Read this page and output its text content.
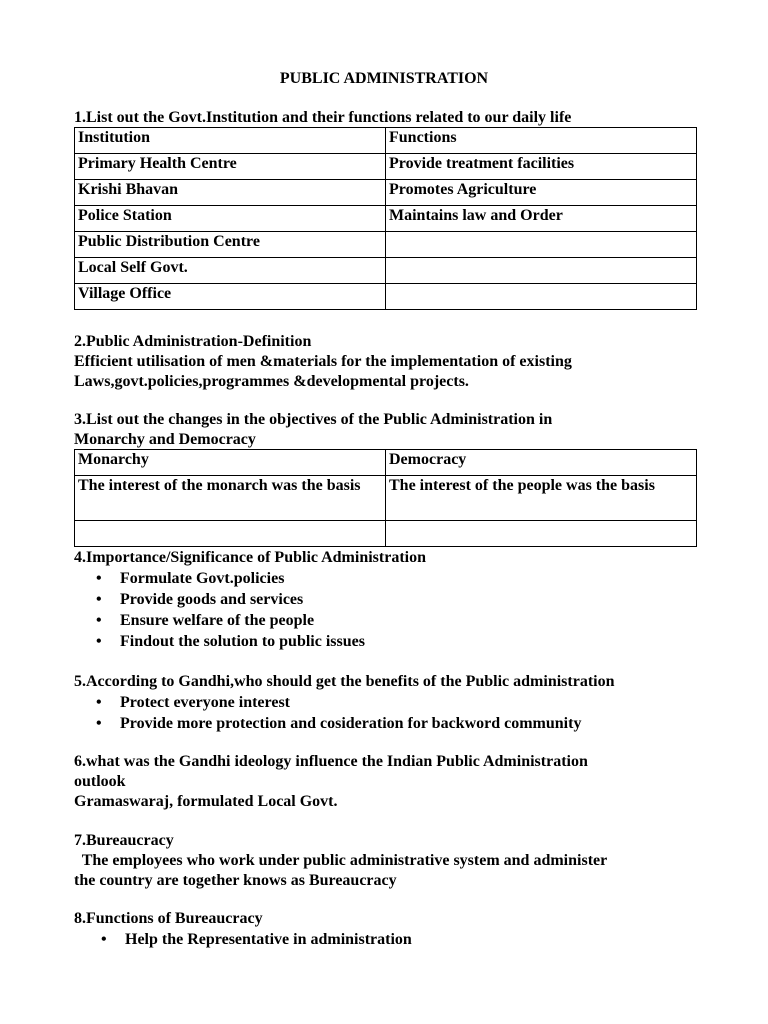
PUBLIC ADMINISTRATION
1.List out the Govt.Institution and their functions related to our daily life
Institution	Functions
Primary Health Centre	Provide treatment facilities
Krishi Bhavan	Promotes Agriculture
Police Station	Maintains law and Order
Public Distribution Centre	
Local Self Govt.	
Village Office	
2.Public Administration-Definition
Efficient utilisation of men &materials for the implementation of existing
Laws,govt.policies,programmes &developmental projects.
3.List out the changes in the objectives of the Public Administration in
Monarchy and Democracy
Monarchy	Democracy
The interest of the monarch was the basis	The interest of the people was the basis

4.Importance/Significance of Public Administration
• Formulate Govt.policies
• Provide goods and services
• Ensure welfare of the people
• Findout the solution to public issues
5.According to Gandhi,who should get the benefits of the Public administration
• Protect everyone interest
• Provide more protection and cosideration for backword community
6.what was the Gandhi ideology influence the Indian Public Administration
outlook
Gramaswaraj, formulated Local Govt.
7.Bureaucracy
The employees who work under public administrative system and administer
the country are together knows as Bureaucracy
8.Functions of Bureaucracy
• Help the Representative in administration
